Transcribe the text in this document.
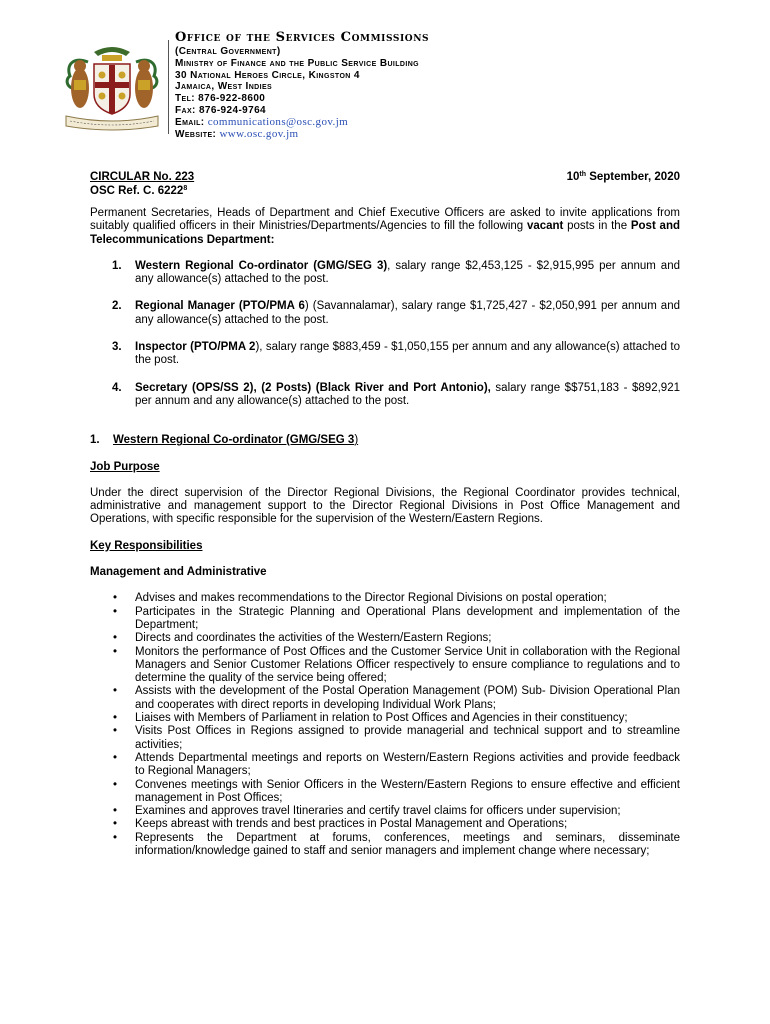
Office of the Services Commissions
(Central Government)
Ministry of Finance and the Public Service Building
30 National Heroes Circle, Kingston 4
Jamaica, West Indies
Tel: 876-922-8600
Fax: 876-924-9764
Email: communications@osc.gov.jm
Website: www.osc.gov.jm
CIRCULAR No. 223
OSC Ref. C. 6222$^8$
10th September, 2020

Permanent Secretaries, Heads of Department and Chief Executive Officers are asked to invite applications from suitably qualified officers in their Ministries/Departments/Agencies to fill the following vacant posts in the Post and Telecommunications Department:

1. Western Regional Co-ordinator (GMG/SEG 3), salary range $2,453,125 - $2,915,995 per annum and any allowance(s) attached to the post.
2. Regional Manager (PTO/PMA 6) (Savannalamar), salary range $1,725,427 - $2,050,991 per annum and any allowance(s) attached to the post.
3. Inspector (PTO/PMA 2), salary range $883,459 - $1,050,155 per annum and any allowance(s) attached to the post.
4. Secretary (OPS/SS 2), (2 Posts) (Black River and Port Antonio), salary range $$751,183 - $892,921 per annum and any allowance(s) attached to the post.
1. Western Regional Co-ordinator (GMG/SEG 3)
Job Purpose

Under the direct supervision of the Director Regional Divisions, the Regional Coordinator provides technical, administrative and management support to the Director Regional Divisions in Post Office Management and Operations, with specific responsible for the supervision of the Western/Eastern Regions.

Key Responsibilities
Management and Administrative
• Advises and makes recommendations to the Director Regional Divisions on postal operation;
• Participates in the Strategic Planning and Operational Plans development and implementation of the Department;
• Directs and coordinates the activities of the Western/Eastern Regions;
• Monitors the performance of Post Offices and the Customer Service Unit in collaboration with the Regional Managers and Senior Customer Relations Officer respectively to ensure compliance to regulations and to determine the quality of the service being offered;
• Assists with the development of the Postal Operation Management (POM) Sub- Division Operational Plan and cooperates with direct reports in developing Individual Work Plans;
• Liaises with Members of Parliament in relation to Post Offices and Agencies in their constituency;
• Visits Post Offices in Regions assigned to provide managerial and technical support and to streamline activities;
• Attends Departmental meetings and reports on Western/Eastern Regions activities and provide feedback to Regional Managers;
• Convenes meetings with Senior Officers in the Western/Eastern Regions to ensure effective and efficient management in Post Offices;
• Examines and approves travel Itineraries and certify travel claims for officers under supervision;
• Keeps abreast with trends and best practices in Postal Management and Operations;
• Represents the Department at forums, conferences, meetings and seminars, disseminate information/knowledge gained to staff and senior managers and implement change where necessary;
